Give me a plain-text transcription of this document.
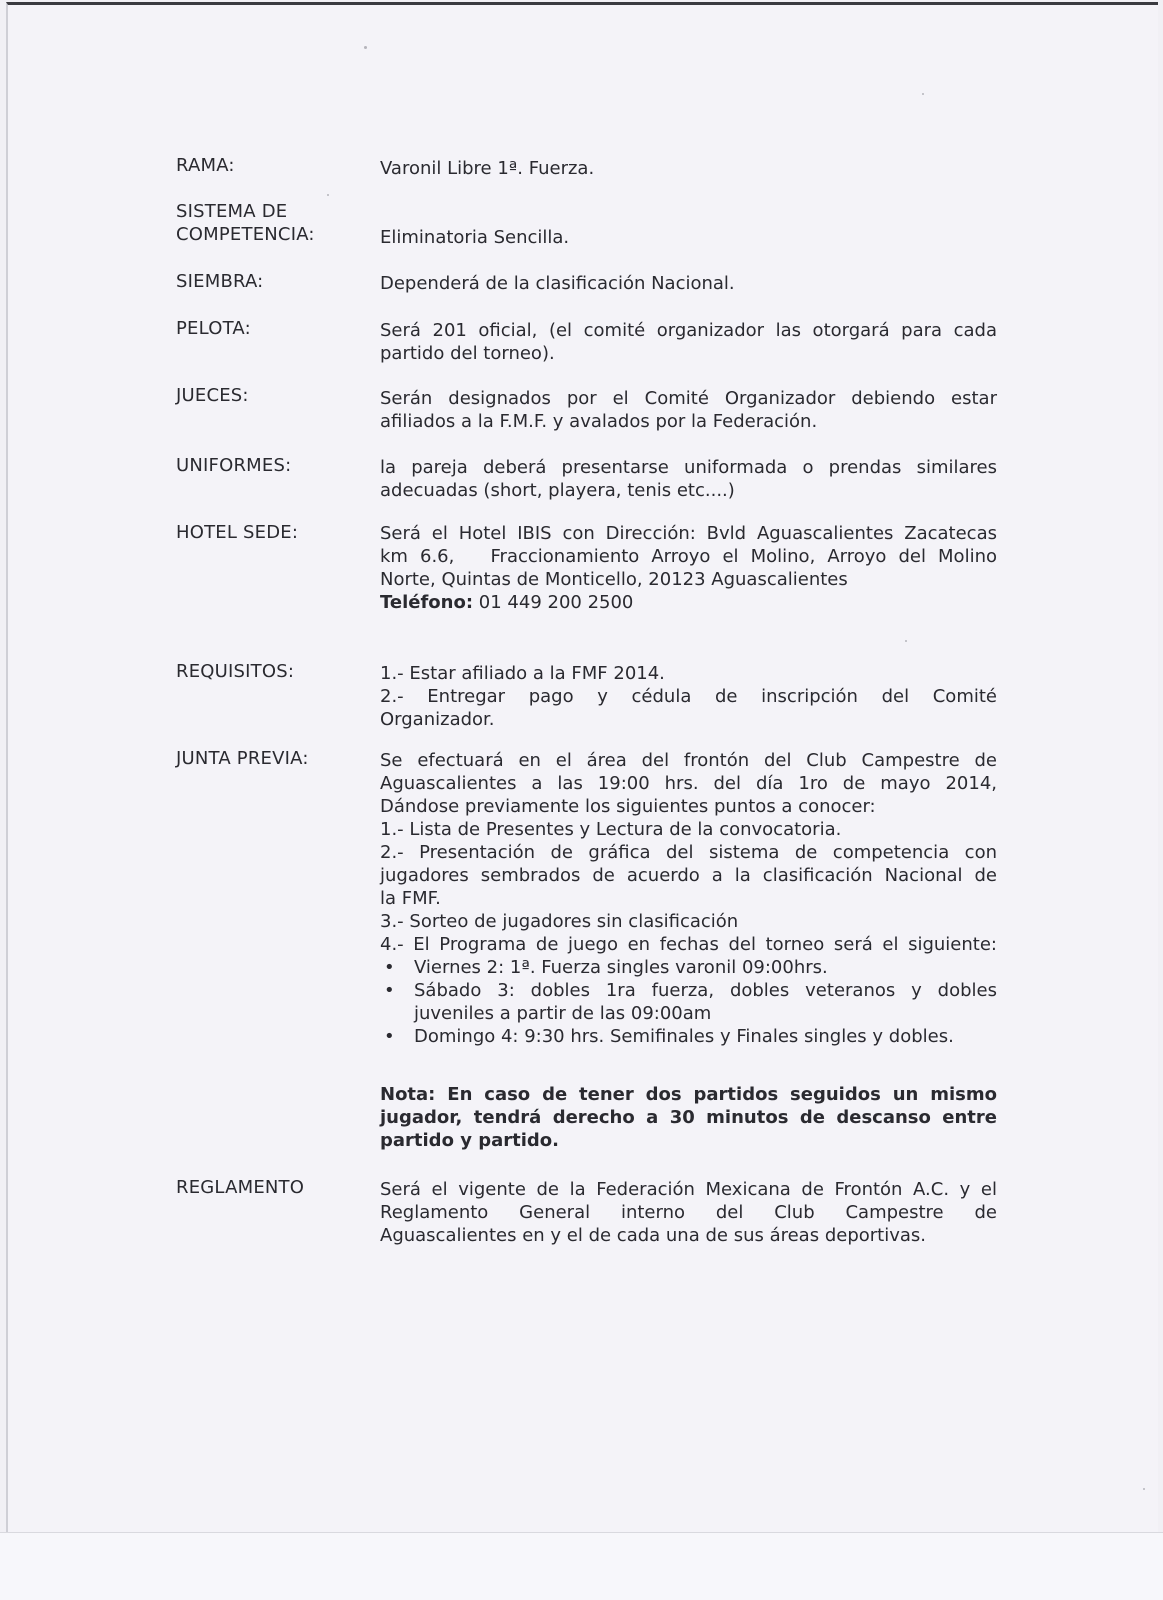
RAMA:	Varonil Libre 1ª. Fuerza.
SISTEMA DE
COMPETENCIA:	Eliminatoria Sencilla.
SIEMBRA:	Dependerá de la clasificación Nacional.
PELOTA:	Será 201 oficial, (el comité organizador las otorgará para cada
partido del torneo).
JUECES:	Serán designados por el Comité Organizador debiendo estar
afiliados a la F.M.F. y avalados por la Federación.
UNIFORMES:	la pareja deberá presentarse uniformada o prendas similares
adecuadas (short, playera, tenis etc....)
HOTEL SEDE:	Será el Hotel IBIS con Dirección: Bvld Aguascalientes Zacatecas
km 6.6,   Fraccionamiento Arroyo el Molino, Arroyo del Molino
Norte, Quintas de Monticello, 20123 Aguascalientes
Teléfono: 01 449 200 2500
REQUISITOS:	1.- Estar afiliado a la FMF 2014.
2.- Entregar pago y cédula de inscripción del Comité
Organizador.
JUNTA PREVIA:	Se efectuará en el área del frontón del Club Campestre de
Aguascalientes a las 19:00 hrs. del día 1ro de mayo 2014,
Dándose previamente los siguientes puntos a conocer:
1.- Lista de Presentes y Lectura de la convocatoria.
2.- Presentación de gráfica del sistema de competencia con
jugadores sembrados de acuerdo a la clasificación Nacional de
la FMF.
3.- Sorteo de jugadores sin clasificación
4.- El Programa de juego en fechas del torneo será el siguiente:
• Viernes 2: 1ª. Fuerza singles varonil 09:00hrs.
• Sábado 3: dobles 1ra fuerza, dobles veteranos y dobles
juveniles a partir de las 09:00am
• Domingo 4: 9:30 hrs. Semifinales y Finales singles y dobles.
Nota: En caso de tener dos partidos seguidos un mismo
jugador, tendrá derecho a 30 minutos de descanso entre
partido y partido.
REGLAMENTO	Será el vigente de la Federación Mexicana de Frontón A.C. y el
Reglamento General interno del Club Campestre de
Aguascalientes en y el de cada una de sus áreas deportivas.
